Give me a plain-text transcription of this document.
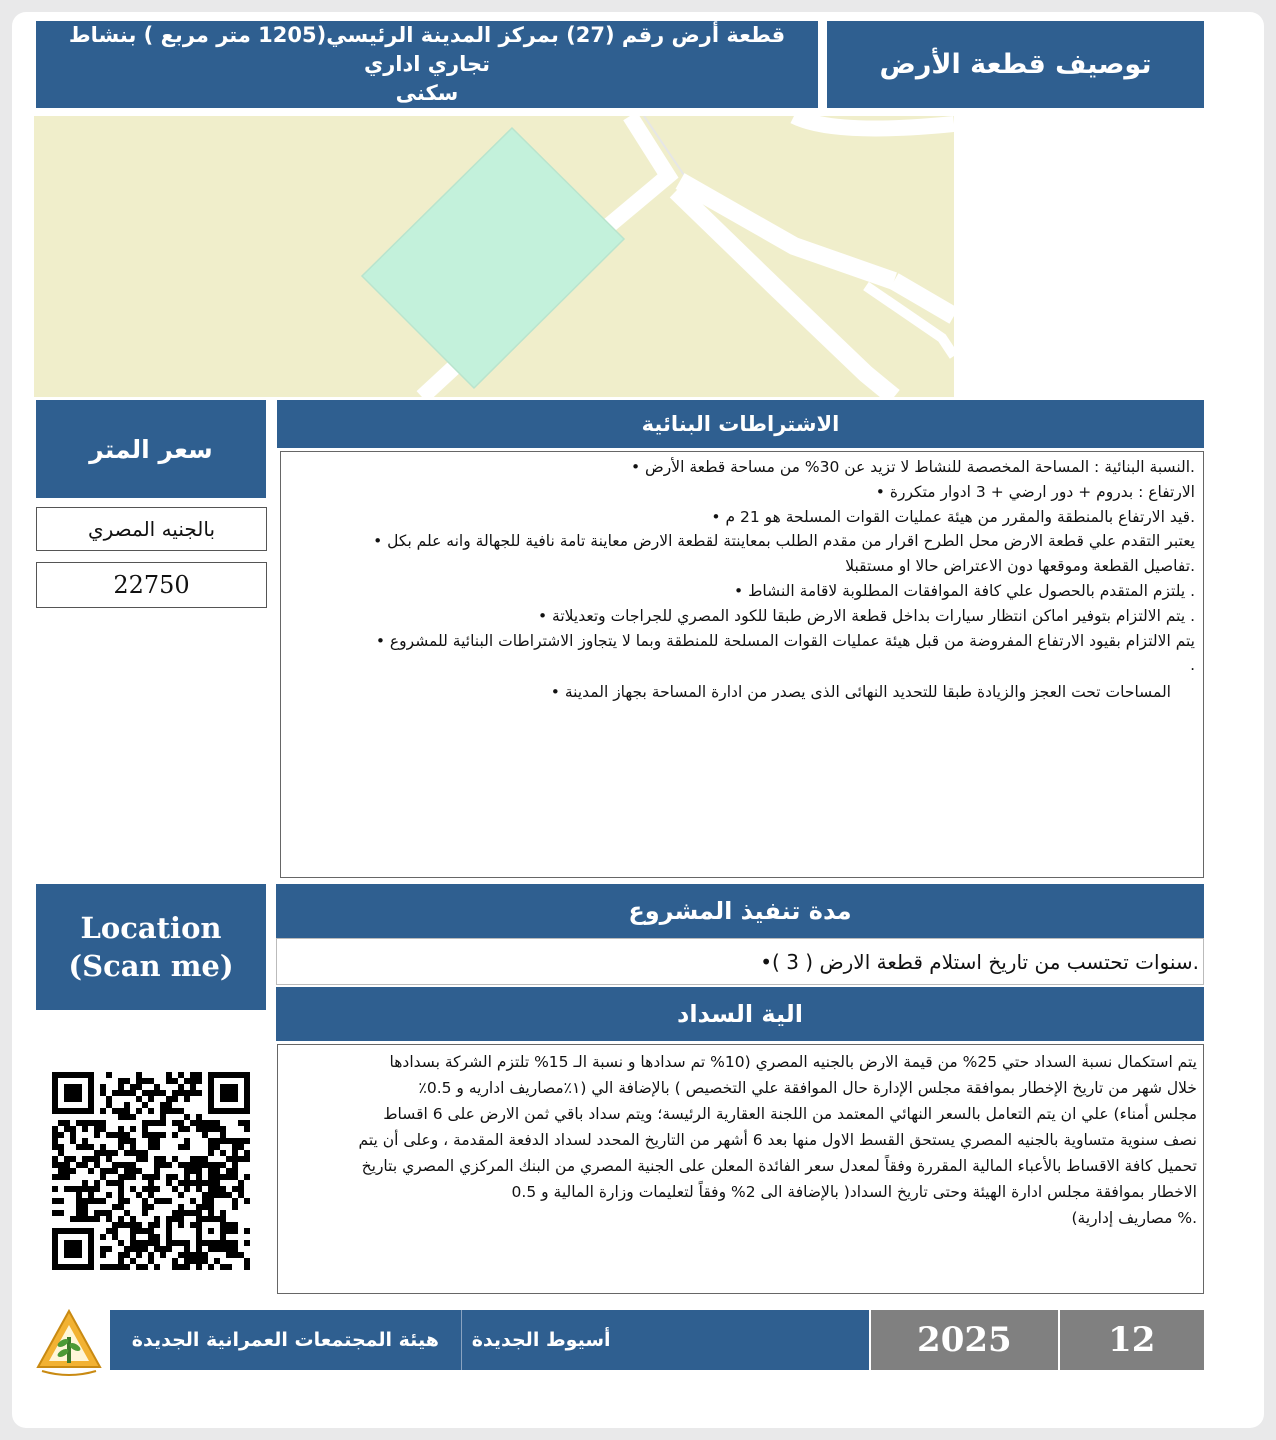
توصيف قطعة الأرض
قطعة أرض رقم (27) بمركز المدينة الرئيسي(1205 متر مربع ) بنشاط تجاري اداري
سكنى
سعر المتر
بالجنيه المصري
22750
الاشتراطات البنائية
.النسبة البنائية : المساحة المخصصة للنشاط لا تزيد عن 30% من مساحة قطعة الأرض •
الارتفاع : بدروم + دور ارضي + 3 ادوار متكررة •
.قيد الارتفاع بالمنطقة والمقرر من هيئة عمليات القوات المسلحة هو 21 م •
يعتبر التقدم علي قطعة الارض محل الطرح اقرار من مقدم الطلب بمعاينتة لقطعة الارض معاينة تامة نافية للجهالة وانه علم بكل •
.تفاصيل القطعة وموقعها دون الاعتراض حالا او مستقبلا
. يلتزم المتقدم بالحصول علي كافة الموافقات المطلوبة لاقامة النشاط •
. يتم الالتزام بتوفير اماكن انتظار سيارات بداخل قطعة الارض طبقا للكود المصري للجراجات وتعديلاتة •
يتم الالتزام بقيود الارتفاع المفروضة من قبل هيئة عمليات القوات المسلحة للمنطقة وبما لا يتجاوز الاشتراطات البنائية للمشروع •
.
المساحات تحت العجز والزيادة طبقا للتحديد النهائى الذى يصدر من ادارة المساحة بجهاز المدينة •
Location
(Scan me)
مدة تنفيذ المشروع
.سنوات تحتسب من تاريخ استلام قطعة الارض ( 3 )•
الية السداد
يتم استكمال نسبة السداد حتي 25% من قيمة الارض بالجنيه المصري (10% تم سدادها و نسبة الـ 15% تلتزم الشركة بسدادها
خلال شهر من تاريخ الإخطار بموافقة مجلس الإدارة حال الموافقة علي التخصيص ) بالإضافة الي (١٪مصاريف اداريه و 0.5٪
مجلس أمناء) علي ان يتم التعامل بالسعر النهائي المعتمد من اللجنة العقارية الرئيسة؛ ويتم سداد باقي ثمن الارض على 6 اقساط
نصف سنوية متساوية بالجنيه المصري يستحق القسط الاول منها بعد 6 أشهر من التاريخ المحدد لسداد الدفعة المقدمة ، وعلى أن يتم
تحميل كافة الاقساط بالأعباء المالية المقررة وفقاً لمعدل سعر الفائدة المعلن على الجنية المصري من البنك المركزي المصري بتاريخ
الاخطار بموافقة مجلس ادارة الهيئة وحتى تاريخ السداد( بالإضافة الى 2% وفقاً لتعليمات وزارة المالية و 0.5
.% مصاريف إدارية)
12
2025
أسيوط الجديدة
هيئة المجتمعات العمرانية الجديدة
